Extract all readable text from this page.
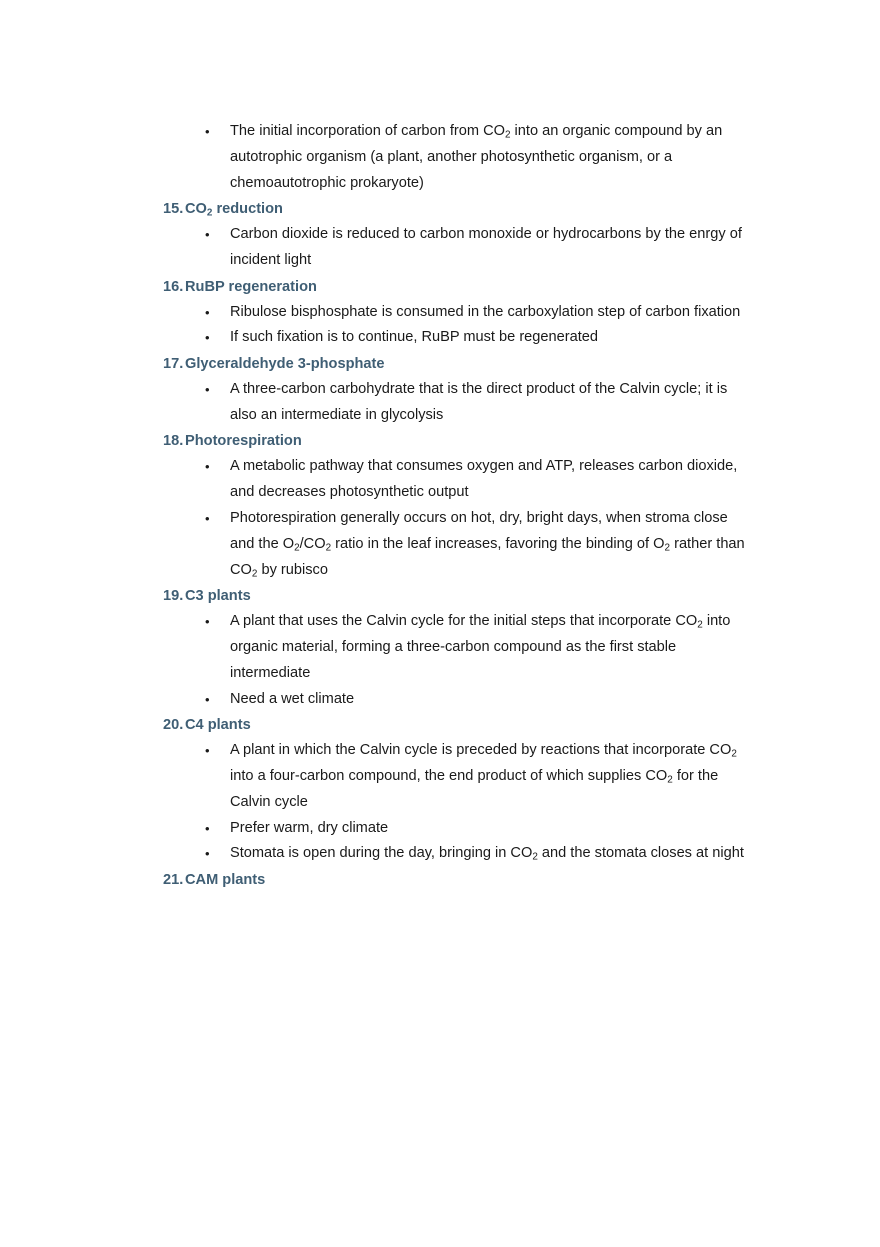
• The initial incorporation of carbon from $CO_2$ into an organic compound by an autotrophic organism (a plant, another photosynthetic organism, or a chemoautotrophic prokaryote)
15. $CO_2$ reduction
• Carbon dioxide is reduced to carbon monoxide or hydrocarbons by the enrgy of incident light
16. RuBP regeneration
• Ribulose bisphosphate is consumed in the carboxylation step of carbon fixation
• If such fixation is to continue, RuBP must be regenerated
17. Glyceraldehyde 3-phosphate
• A three-carbon carbohydrate that is the direct product of the Calvin cycle; it is also an intermediate in glycolysis
18. Photorespiration
• A metabolic pathway that consumes oxygen and ATP, releases carbon dioxide, and decreases photosynthetic output
• Photorespiration generally occurs on hot, dry, bright days, when stroma close and the $O_2/CO_2$ ratio in the leaf increases, favoring the binding of $O_2$ rather than $CO_2$ by rubisco
19. C3 plants
• A plant that uses the Calvin cycle for the initial steps that incorporate $CO_2$ into organic material, forming a three-carbon compound as the first stable intermediate
• Need a wet climate
20. C4 plants
• A plant in which the Calvin cycle is preceded by reactions that incorporate $CO_2$ into a four-carbon compound, the end product of which supplies $CO_2$ for the Calvin cycle
• Prefer warm, dry climate
• Stomata is open during the day, bringing in $CO_2$ and the stomata closes at night
21. CAM plants
